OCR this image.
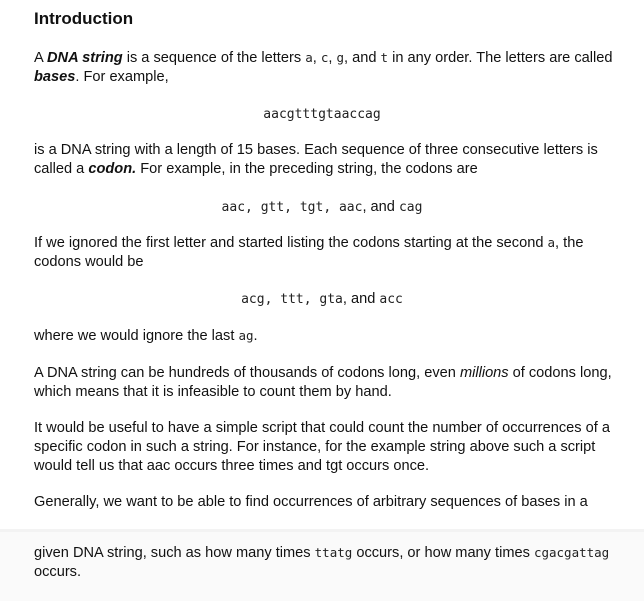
Introduction

A DNA string is a sequence of the letters a, c, g, and t in any order. The letters are called bases. For example,

aacgtttgtaaccag

is a DNA string with a length of 15 bases. Each sequence of three consecutive letters is called a codon. For example, in the preceding string, the codons are

aac, gtt, tgt, aac, and cag

If we ignored the first letter and started listing the codons starting at the second a, the codons would be

acg, ttt, gta, and acc

where we would ignore the last ag.

A DNA string can be hundreds of thousands of codons long, even millions of codons long, which means that it is infeasible to count them by hand.

It would be useful to have a simple script that could count the number of occurrences of a specific codon in such a string. For instance, for the example string above such a script would tell us that aac occurs three times and tgt occurs once.

Generally, we want to be able to find occurrences of arbitrary sequences of bases in a

given DNA string, such as how many times ttatg occurs, or how many times cgacgattag occurs.
